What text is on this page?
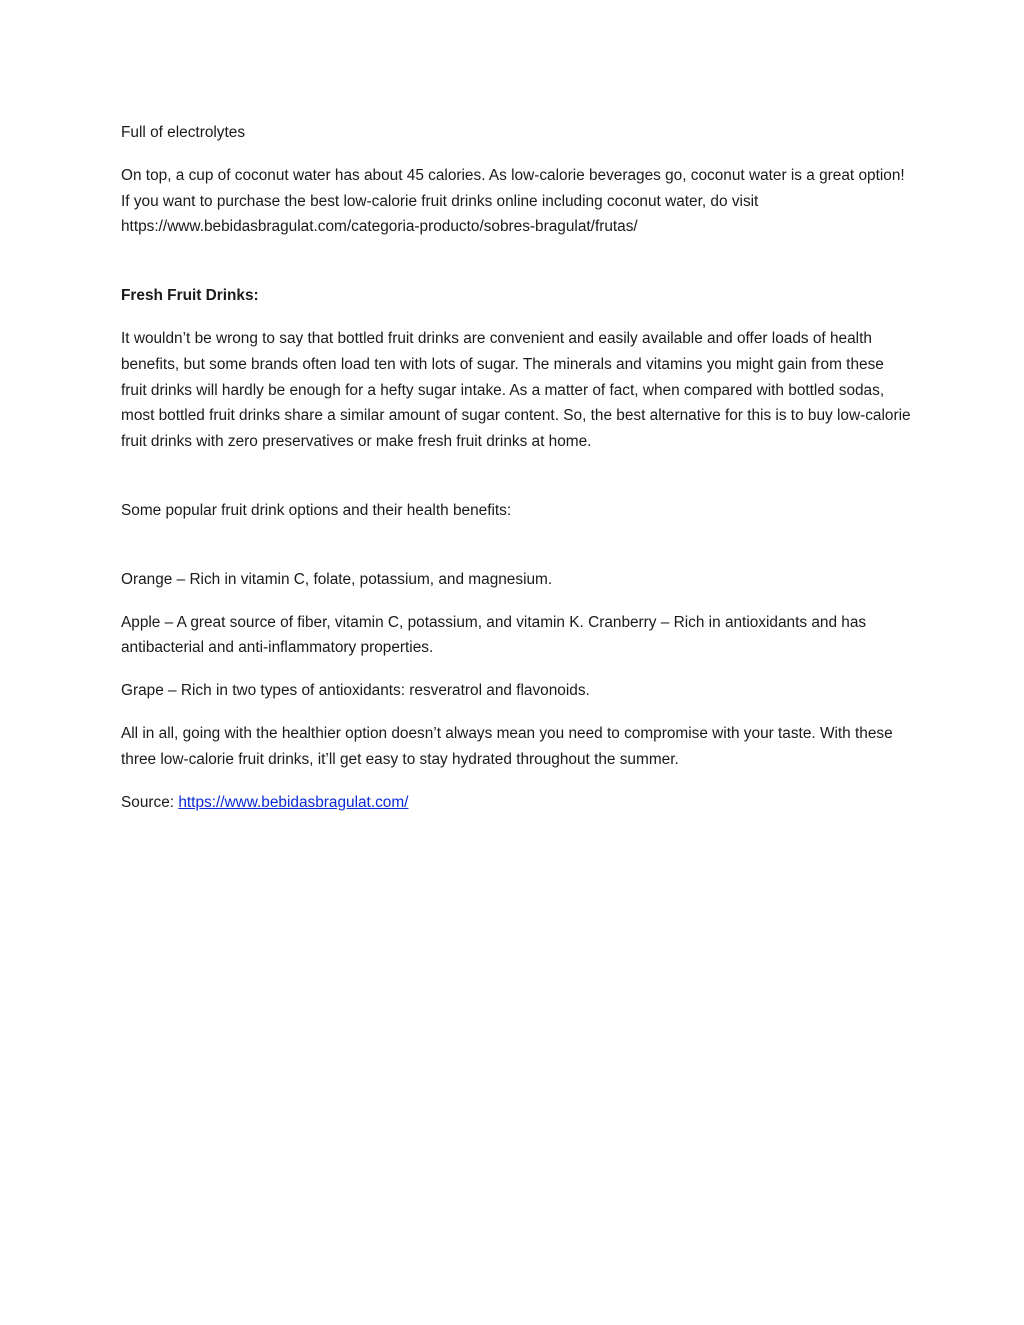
Full of electrolytes

On top, a cup of coconut water has about 45 calories. As low-calorie beverages go, coconut water is a great option! If you want to purchase the best low-calorie fruit drinks online including coconut water, do visit https://www.bebidasbragulat.com/categoria-producto/sobres-bragulat/frutas/

Fresh Fruit Drinks:

It wouldn’t be wrong to say that bottled fruit drinks are convenient and easily available and offer loads of health benefits, but some brands often load ten with lots of sugar. The minerals and vitamins you might gain from these fruit drinks will hardly be enough for a hefty sugar intake. As a matter of fact, when compared with bottled sodas, most bottled fruit drinks share a similar amount of sugar content. So, the best alternative for this is to buy low-calorie fruit drinks with zero preservatives or make fresh fruit drinks at home.

Some popular fruit drink options and their health benefits:

Orange – Rich in vitamin C, folate, potassium, and magnesium.

Apple – A great source of fiber, vitamin C, potassium, and vitamin K. Cranberry – Rich in antioxidants and has antibacterial and anti-inflammatory properties.

Grape – Rich in two types of antioxidants: resveratrol and flavonoids.

All in all, going with the healthier option doesn’t always mean you need to compromise with your taste. With these three low-calorie fruit drinks, it’ll get easy to stay hydrated throughout the summer.

Source: https://www.bebidasbragulat.com/
